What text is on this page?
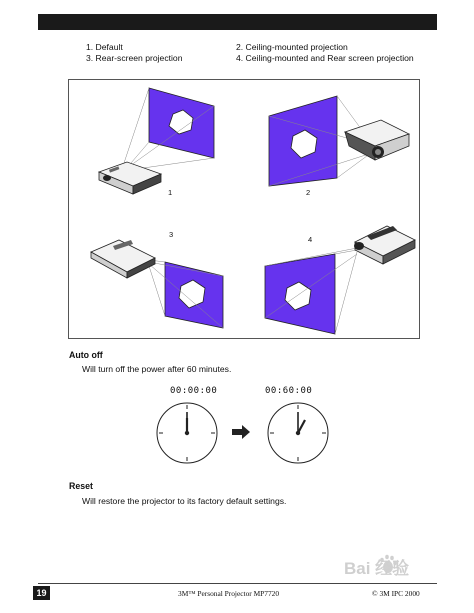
1. Default
3. Rear-screen projection
2. Ceiling-mounted projection
4. Ceiling-mounted and Rear screen projection
1	2
3
4
Auto off
Will turn off the power after 60 minutes.
00:00:00	00:60:00
Reset
Will restore the projector to its factory default settings.
Bai 经验
19	3M™ Personal Projector MP7720	© 3M IPC 2000
